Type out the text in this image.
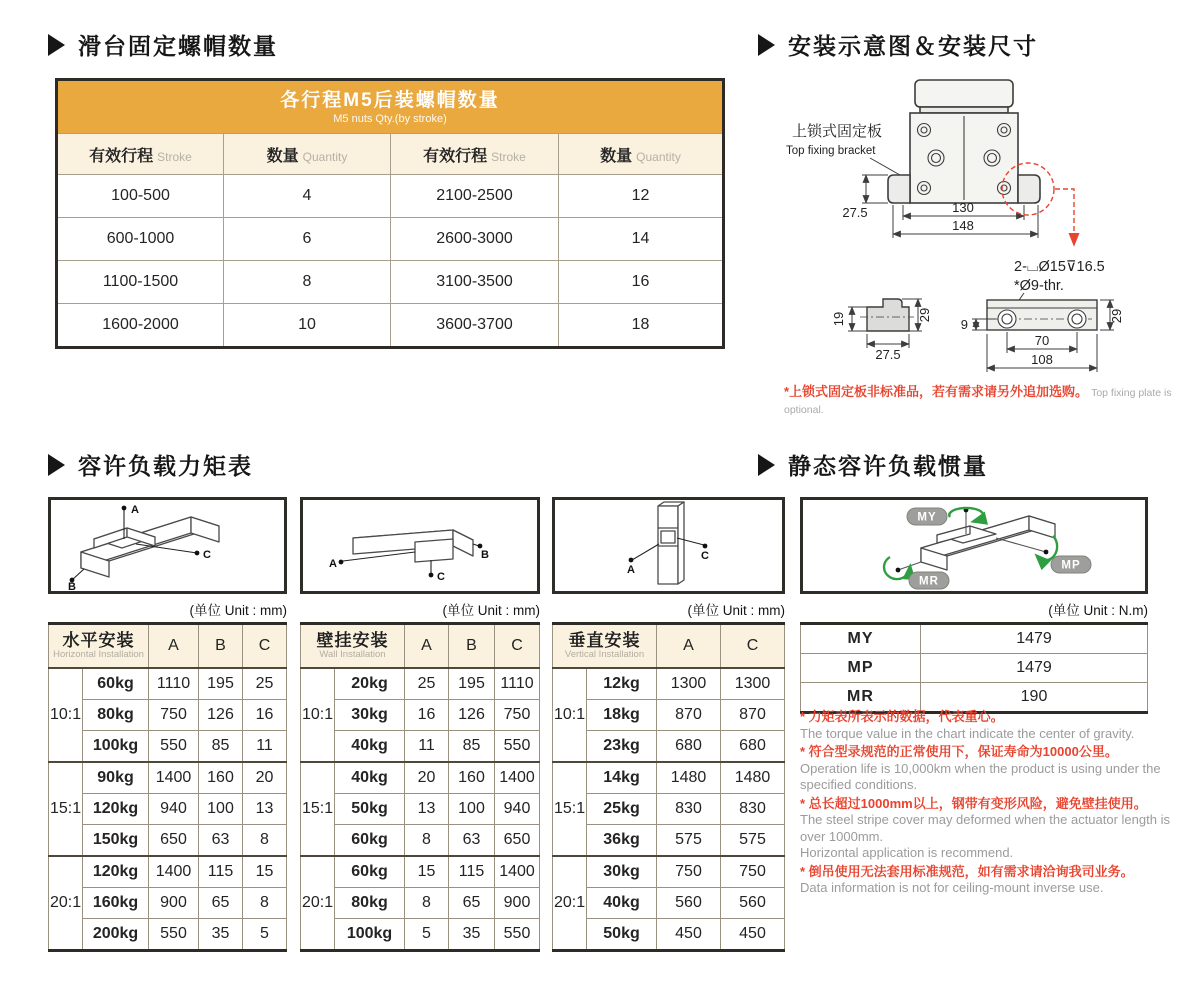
滑台固定螺帽数量	安装示意图＆安装尺寸
容许负载力矩表	静态容许负载惯量
各行程M5后装螺帽数量
M5 nuts Qty.(by stroke)			

有效行程 Stroke	数量 Quantity	有效行程 Stroke	数量 Quantity
100-500	4	2100-2500	12
600-1000	6	2600-3000	14
1100-1500	8	3100-3500	16
1600-2000	10	3600-3700	18
上锁式固定板
Top fixing bracket
27.5	130
148
2-⌴Ø15⊽16.5
*Ø9-thr.
19	29
27.5
70
108
29
9
*上锁式固定板非标准品，若有需求请另外追加选购。 Top fixing plate is optional.
A
C
B
A
B
C
A
C
MY
MP
MR
(单位 Unit : mm)	(单位 Unit : mm)	(单位 Unit : mm)	(单位 Unit : N.m)
水平安装
Horizontal Installation		A	B	C
10:1	60kg	1110	195	25
	80kg	750	126	16
	100kg	550	85	11
15:1	90kg	1400	160	20
	120kg	940	100	13
	150kg	650	63	8
20:1	120kg	1400	115	15
	160kg	900	65	8
	200kg	550	35	5
壁挂安装
Wall Installation		A	B	C
10:1	20kg	25	195	1110
	30kg	16	126	750
	40kg	11	85	550
15:1	40kg	20	160	1400
	50kg	13	100	940
	60kg	8	63	650
20:1	60kg	15	115	1400
	80kg	8	65	900
	100kg	5	35	550
垂直安装
Vertical Installation		A	C
10:1	12kg	1300	1300
	18kg	870	870
	23kg	680	680
15:1	14kg	1480	1480
	25kg	830	830
	36kg	575	575
20:1	30kg	750	750
	40kg	560	560
	50kg	450	450
MY	1479
MP	1479
MR	190

* 力矩表所表示的数据，代表重心。

The torque value in the chart indicate the center of gravity.

* 符合型录规范的正常使用下，保证寿命为10000公里。

Operation life is 10,000km when the product is using under the specified conditions.

* 总长超过1000mm以上，钢带有变形风险，避免壁挂使用。

The steel stripe cover may deformed when the actuator length is over 1000mm.

Horizontal application is recommend.

* 倒吊使用无法套用标准规范，如有需求请洽询我司业务。

Data information is not for ceiling-mount inverse use.
